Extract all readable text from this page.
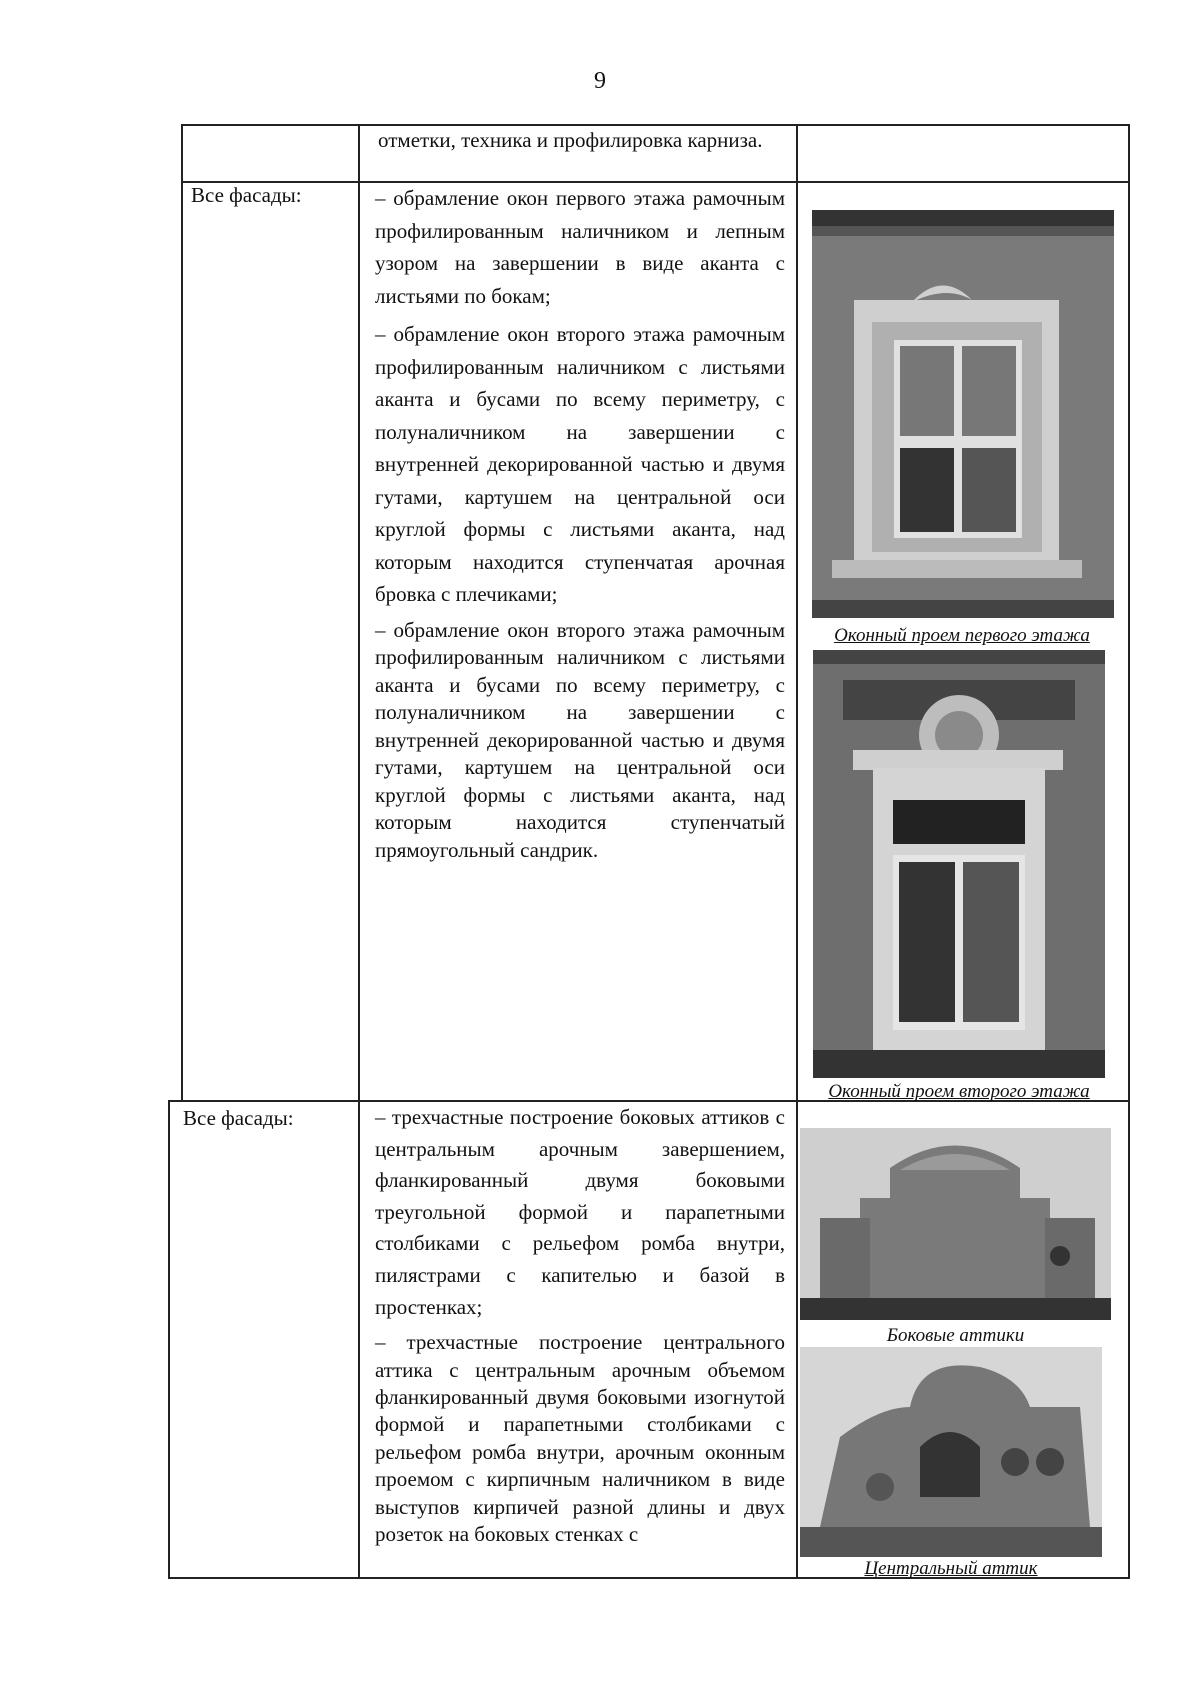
9

отметки, техника и профилировка карниза.

Все фасады:	– обрамление окон первого этажа рамочным профилированным наличником и лепным узором на завершении в виде аканта с листьями по бокам;

– обрамление окон второго этажа рамочным профилированным наличником с листьями аканта и бусами по всему периметру, с полуналичником на завершении с внутренней декорированной частью и двумя гутами, картушем на центральной оси круглой формы с листьями аканта, над которым находится ступенчатая арочная бровка с плечиками;

– обрамление окон второго этажа рамочным профилированным наличником с листьями аканта и бусами по всему периметру, с полуналичником на завершении с внутренней декорированной частью и двумя гутами, картушем на центральной оси круглой формы с листьями аканта, над которым находится ступенчатый прямоугольный сандрик.

Оконный проем первого этажа
Оконный проем второго этажа
Все фасады:	– трехчастные построение боковых аттиков с центральным арочным завершением, фланкированный двумя боковыми треугольной формой и парапетными столбиками с рельефом ромба внутри, пилястрами с капителью и базой в простенках;

– трехчастные построение центрального аттика с центральным арочным объемом фланкированный двумя боковыми изогнутой формой и парапетными столбиками с рельефом ромба внутри, арочным оконным проемом с кирпичным наличником в виде выступов кирпичей разной длины и двух розеток на боковых стенках с

Боковые аттики
Центральный аттик
